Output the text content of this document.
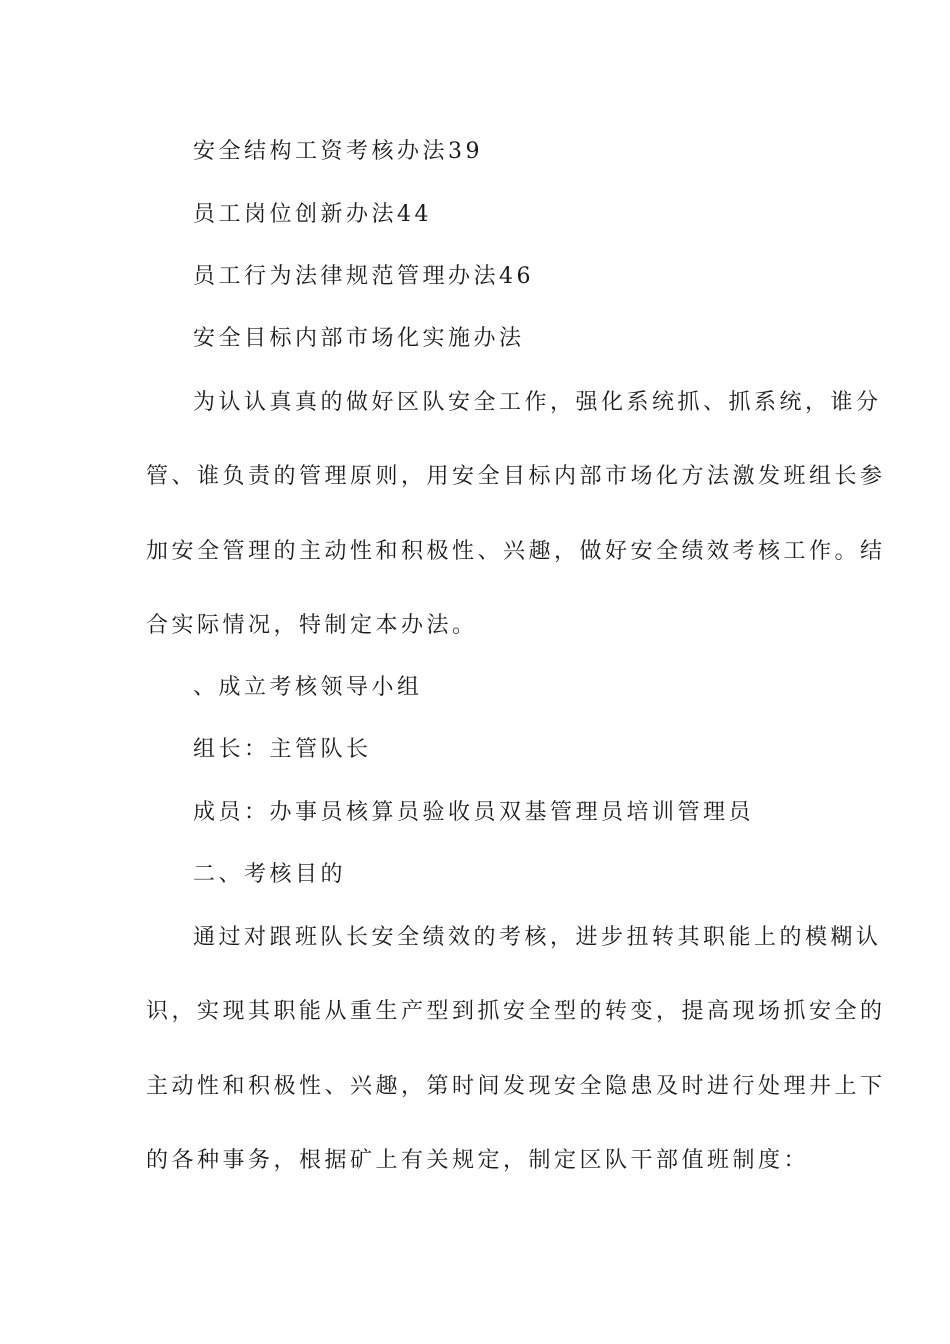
安全结构工资考核办法39
员工岗位创新办法44
员工行为法律规范管理办法46
安全目标内部市场化实施办法
为认认真真的做好区队安全工作，强化系统抓、抓系统，谁分
管、谁负责的管理原则，用安全目标内部市场化方法激发班组长参
加安全管理的主动性和积极性、兴趣，做好安全绩效考核工作。结
合实际情况，特制定本办法。
、成立考核领导小组
组长：主管队长
成员：办事员核算员验收员双基管理员培训管理员
二、考核目的
通过对跟班队长安全绩效的考核，进步扭转其职能上的模糊认
识，实现其职能从重生产型到抓安全型的转变，提高现场抓安全的
主动性和积极性、兴趣，第时间发现安全隐患及时进行处理井上下
的各种事务，根据矿上有关规定，制定区队干部值班制度：
